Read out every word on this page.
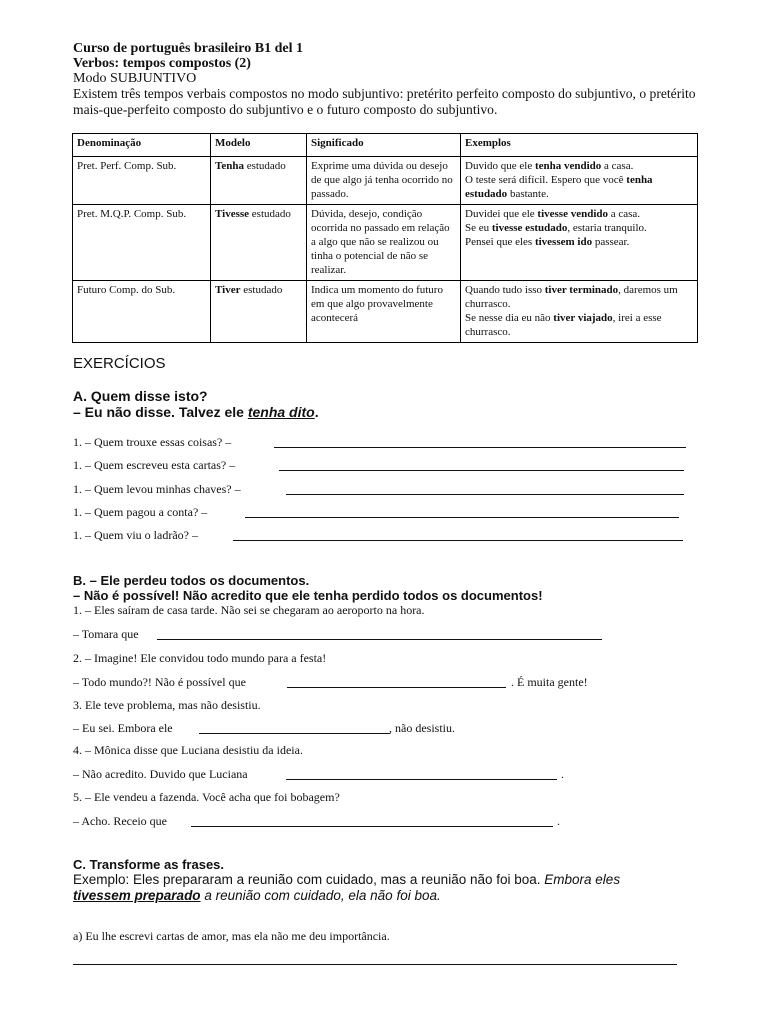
Curso de português brasileiro B1 del 1
Verbos: tempos compostos (2)
Modo SUBJUNTIVO
Existem três tempos verbais compostos no modo subjuntivo: pretérito perfeito composto do subjuntivo, o pretérito mais-que-perfeito composto do subjuntivo e o futuro composto do subjuntivo.
Denominação	Modelo	Significado	Exemplos
Pret. Perf. Comp. Sub.	Tenha estudado	Exprime uma dúvida ou desejo de que algo já tenha ocorrido no passado.	Duvido que ele tenha vendido a casa.
O teste será difícil. Espero que você tenha estudado bastante.
Pret. M.Q.P. Comp. Sub.	Tivesse estudado	Dúvida, desejo, condição ocorrida no passado em relação a algo que não se realizou ou tinha o potencial de não se realizar.	Duvidei que ele tivesse vendido a casa.
Se eu tivesse estudado, estaria tranquilo.
Pensei que eles tivessem ido passear.
Futuro Comp. do Sub.	Tiver estudado	Indica um momento do futuro em que algo provavelmente acontecerá	Quando tudo isso tiver terminado, daremos um churrasco.
Se nesse dia eu não tiver viajado, irei a esse churrasco.
EXERCÍCIOS
A. Quem disse isto?
– Eu não disse. Talvez ele tenha dito.
1. – Quem trouxe essas coisas? –
1. – Quem escreveu esta cartas? –
1. – Quem levou minhas chaves? –
1. – Quem pagou a conta? –
1. – Quem viu o ladrão? –
B. – Ele perdeu todos os documentos.
– Não é possível! Não acredito que ele tenha perdido todos os documentos!
1. – Eles saíram de casa tarde. Não sei se chegaram ao aeroporto na hora.
– Tomara que
2. – Imagine! Ele convidou todo mundo para a festa!
– Todo mundo?! Não é possível que	. É muita gente!
3. Ele teve problema, mas não desistiu.
– Eu sei. Embora ele	, não desistiu.
4. – Mônica disse que Luciana desistiu da ideia.
– Não acredito. Duvido que Luciana	.
5. – Ele vendeu a fazenda. Você acha que foi bobagem?
– Acho. Receio que	.
C. Transforme as frases.
Exemplo: Eles prepararam a reunião com cuidado, mas a reunião não foi boa. Embora eles
tivessem preparado a reunião com cuidado, ela não foi boa.
a) Eu lhe escrevi cartas de amor, mas ela não me deu importância.
